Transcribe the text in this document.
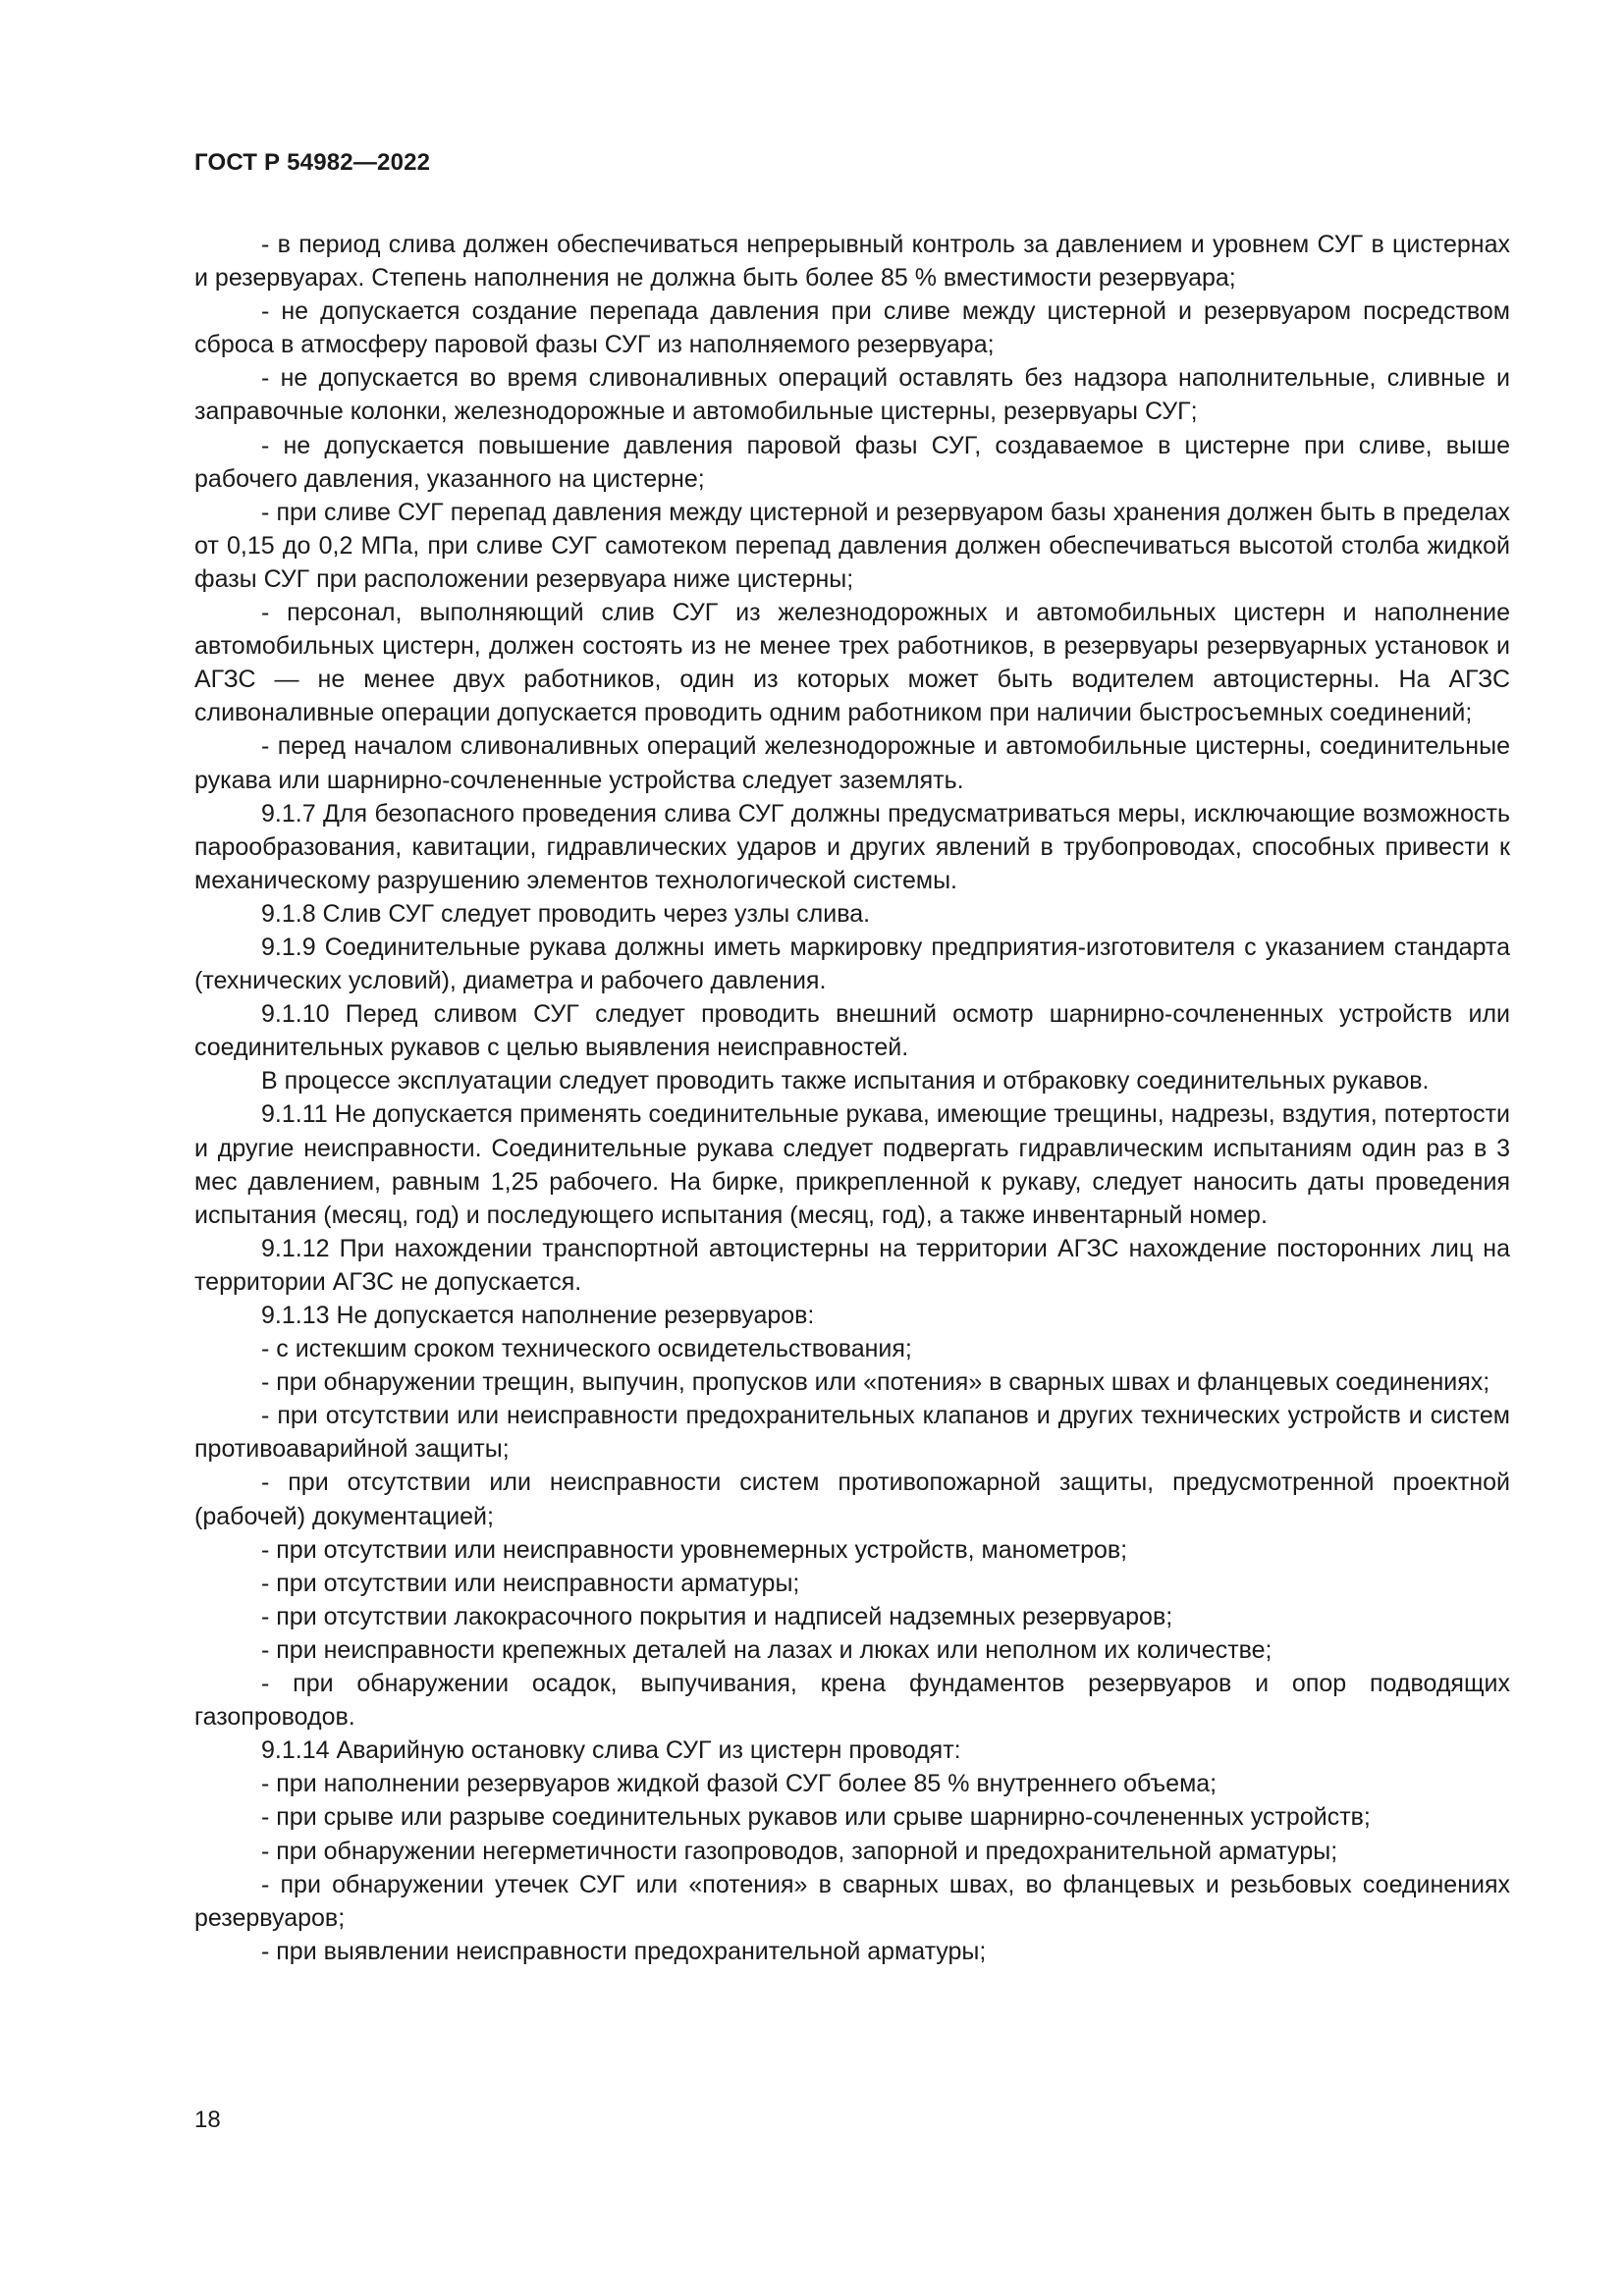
ГОСТ Р 54982—2022

- в период слива должен обеспечиваться непрерывный контроль за давлением и уровнем СУГ в цистернах и резервуарах. Степень наполнения не должна быть более 85 % вместимости резервуара;

- не допускается создание перепада давления при сливе между цистерной и резервуаром посредством сброса в атмосферу паровой фазы СУГ из наполняемого резервуара;

- не допускается во время сливоналивных операций оставлять без надзора наполнительные, сливные и заправочные колонки, железнодорожные и автомобильные цистерны, резервуары СУГ;

- не допускается повышение давления паровой фазы СУГ, создаваемое в цистерне при сливе, выше рабочего давления, указанного на цистерне;

- при сливе СУГ перепад давления между цистерной и резервуаром базы хранения должен быть в пределах от 0,15 до 0,2 МПа, при сливе СУГ самотеком перепад давления должен обеспечиваться высотой столба жидкой фазы СУГ при расположении резервуара ниже цистерны;

- персонал, выполняющий слив СУГ из железнодорожных и автомобильных цистерн и наполнение автомобильных цистерн, должен состоять из не менее трех работников, в резервуары резервуарных установок и АГЗС — не менее двух работников, один из которых может быть водителем автоцистерны. На АГЗС сливоналивные операции допускается проводить одним работником при наличии быстросъемных соединений;

- перед началом сливоналивных операций железнодорожные и автомобильные цистерны, соединительные рукава или шарнирно-сочлененные устройства следует заземлять.

9.1.7 Для безопасного проведения слива СУГ должны предусматриваться меры, исключающие возможность парообразования, кавитации, гидравлических ударов и других явлений в трубопроводах, способных привести к механическому разрушению элементов технологической системы.

9.1.8 Слив СУГ следует проводить через узлы слива.

9.1.9 Соединительные рукава должны иметь маркировку предприятия-изготовителя с указанием стандарта (технических условий), диаметра и рабочего давления.

9.1.10 Перед сливом СУГ следует проводить внешний осмотр шарнирно-сочлененных устройств или соединительных рукавов с целью выявления неисправностей.

В процессе эксплуатации следует проводить также испытания и отбраковку соединительных рукавов.

9.1.11 Не допускается применять соединительные рукава, имеющие трещины, надрезы, вздутия, потертости и другие неисправности. Соединительные рукава следует подвергать гидравлическим испытаниям один раз в 3 мес давлением, равным 1,25 рабочего. На бирке, прикрепленной к рукаву, следует наносить даты проведения испытания (месяц, год) и последующего испытания (месяц, год), а также инвентарный номер.

9.1.12 При нахождении транспортной автоцистерны на территории АГЗС нахождение посторонних лиц на территории АГЗС не допускается.

9.1.13 Не допускается наполнение резервуаров:

- с истекшим сроком технического освидетельствования;

- при обнаружении трещин, выпучин, пропусков или «потения» в сварных швах и фланцевых соединениях;

- при отсутствии или неисправности предохранительных клапанов и других технических устройств и систем противоаварийной защиты;

- при отсутствии или неисправности систем противопожарной защиты, предусмотренной проектной (рабочей) документацией;

- при отсутствии или неисправности уровнемерных устройств, манометров;

- при отсутствии или неисправности арматуры;

- при отсутствии лакокрасочного покрытия и надписей надземных резервуаров;

- при неисправности крепежных деталей на лазах и люках или неполном их количестве;

- при обнаружении осадок, выпучивания, крена фундаментов резервуаров и опор подводящих газопроводов.

9.1.14 Аварийную остановку слива СУГ из цистерн проводят:

- при наполнении резервуаров жидкой фазой СУГ более 85 % внутреннего объема;

- при срыве или разрыве соединительных рукавов или срыве шарнирно-сочлененных устройств;

- при обнаружении негерметичности газопроводов, запорной и предохранительной арматуры;

- при обнаружении утечек СУГ или «потения» в сварных швах, во фланцевых и резьбовых соединениях резервуаров;

- при выявлении неисправности предохранительной арматуры;

18
